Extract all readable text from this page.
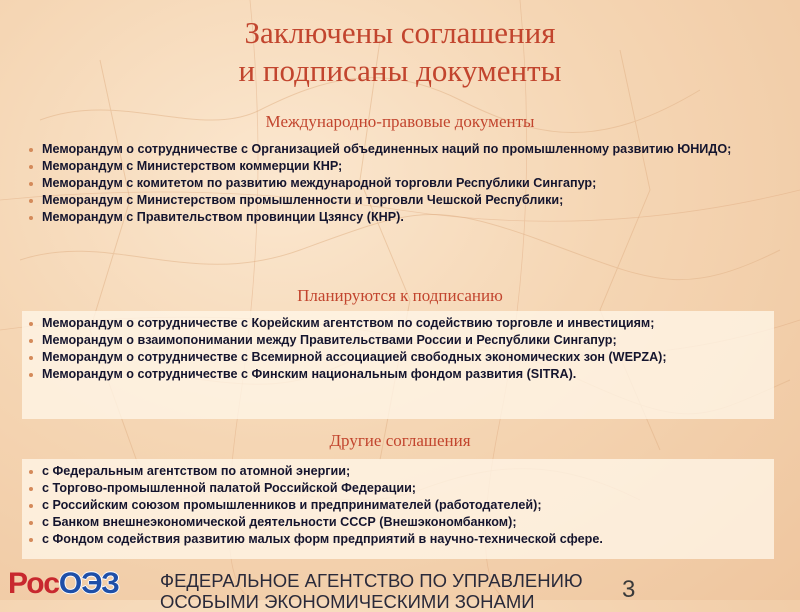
Заключены соглашения
и подписаны документы
Международно-правовые документы
Меморандум о сотрудничестве с Организацией объединенных наций по промышленному развитию ЮНИДО;
Меморандум с Министерством коммерции КНР;
Меморандум с комитетом по развитию международной торговли Республики Сингапур;
Меморандум с Министерством промышленности и торговли Чешской Республики;
Меморандум с Правительством провинции Цзянсу (КНР).
Планируются к подписанию
Меморандум о сотрудничестве с Корейским агентством по содействию торговле и инвестициям;
Меморандум о взаимопонимании между Правительствами России и Республики Сингапур;
Меморандум о сотрудничестве с Всемирной ассоциацией свободных экономических зон (WEPZA);
Меморандум о сотрудничестве с Финским национальным фондом развития (SITRA).
Другие соглашения
с Федеральным агентством по атомной энергии;
с Торгово-промышленной палатой Российской Федерации;
с Российским союзом промышленников и предпринимателей (работодателей);
с Банком внешнеэкономической деятельности СССР (Внешэкономбанком);
с Фондом содействия развитию малых форм предприятий в научно-технической сфере.
РосОЭЗ ФЕДЕРАЛЬНОЕ АГЕНТСТВО ПО УПРАВЛЕНИЮ
ОСОБЫМИ ЭКОНОМИЧЕСКИМИ ЗОНАМИ	3
